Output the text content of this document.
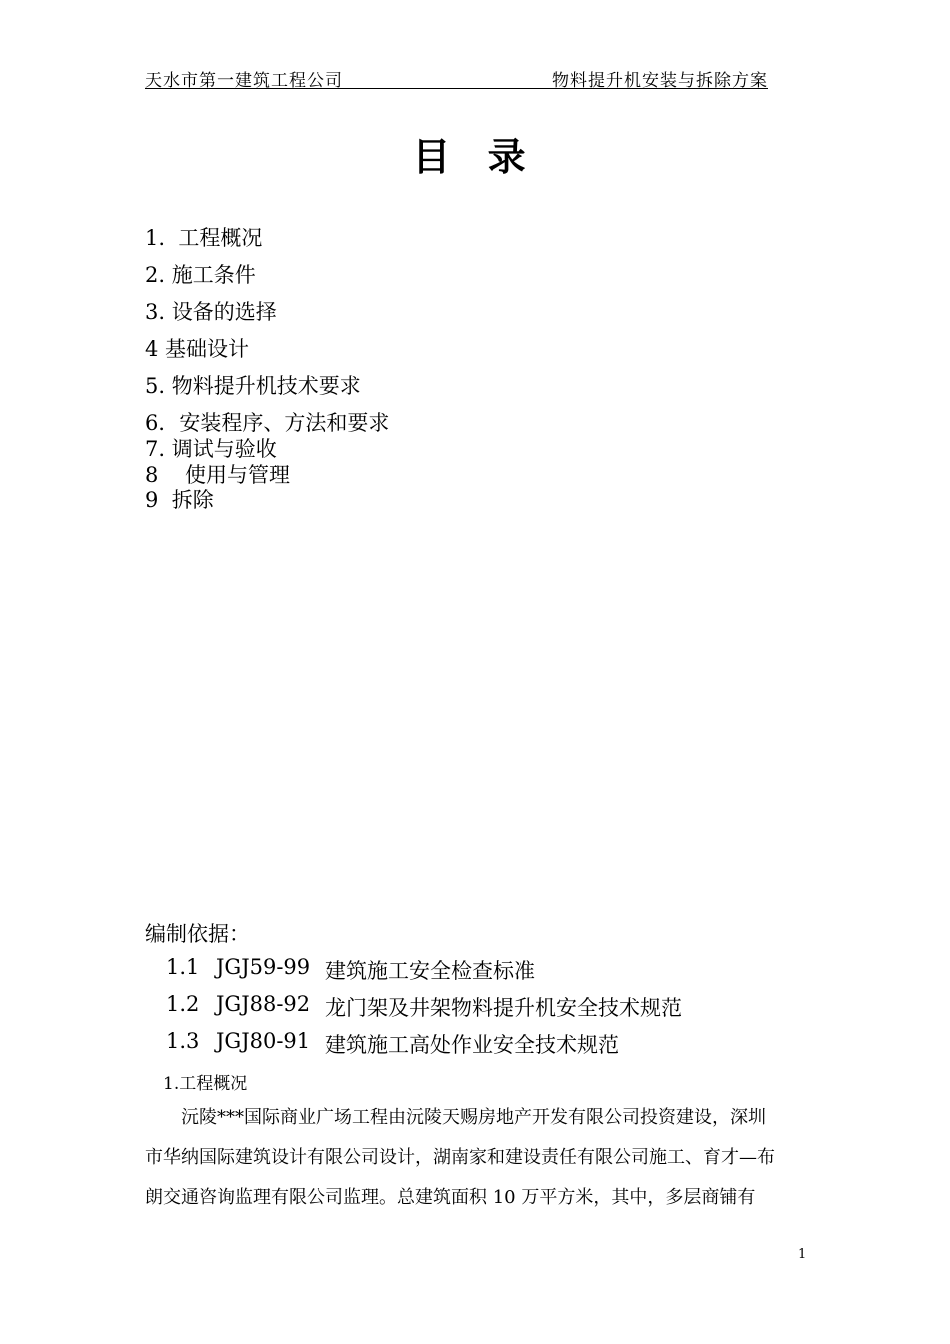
天水市第一建筑工程公司	物料提升机安装与拆除方案
目 录
1.  工程概况
2. 施工条件
3. 设备的选择
4 基础设计
5. 物料提升机技术要求
6．安装程序、方法和要求
7. 调试与验收
8    使用与管理
9  拆除
编制依据：

1.1

JGJ59-99

建筑施工安全检查标准

1.2

JGJ88-92

龙门架及井架物料提升机安全技术规范

1.3

JGJ80-91

建筑施工高处作业安全技术规范

1.工程概况
沅陵***国际商业广场工程由沅陵天赐房地产开发有限公司投资建设，深圳
市华纳国际建筑设计有限公司设计，湖南家和建设责任有限公司施工、育才—布
朗交通咨询监理有限公司监理。总建筑面积 10 万平方米，其中，多层商铺有
1
